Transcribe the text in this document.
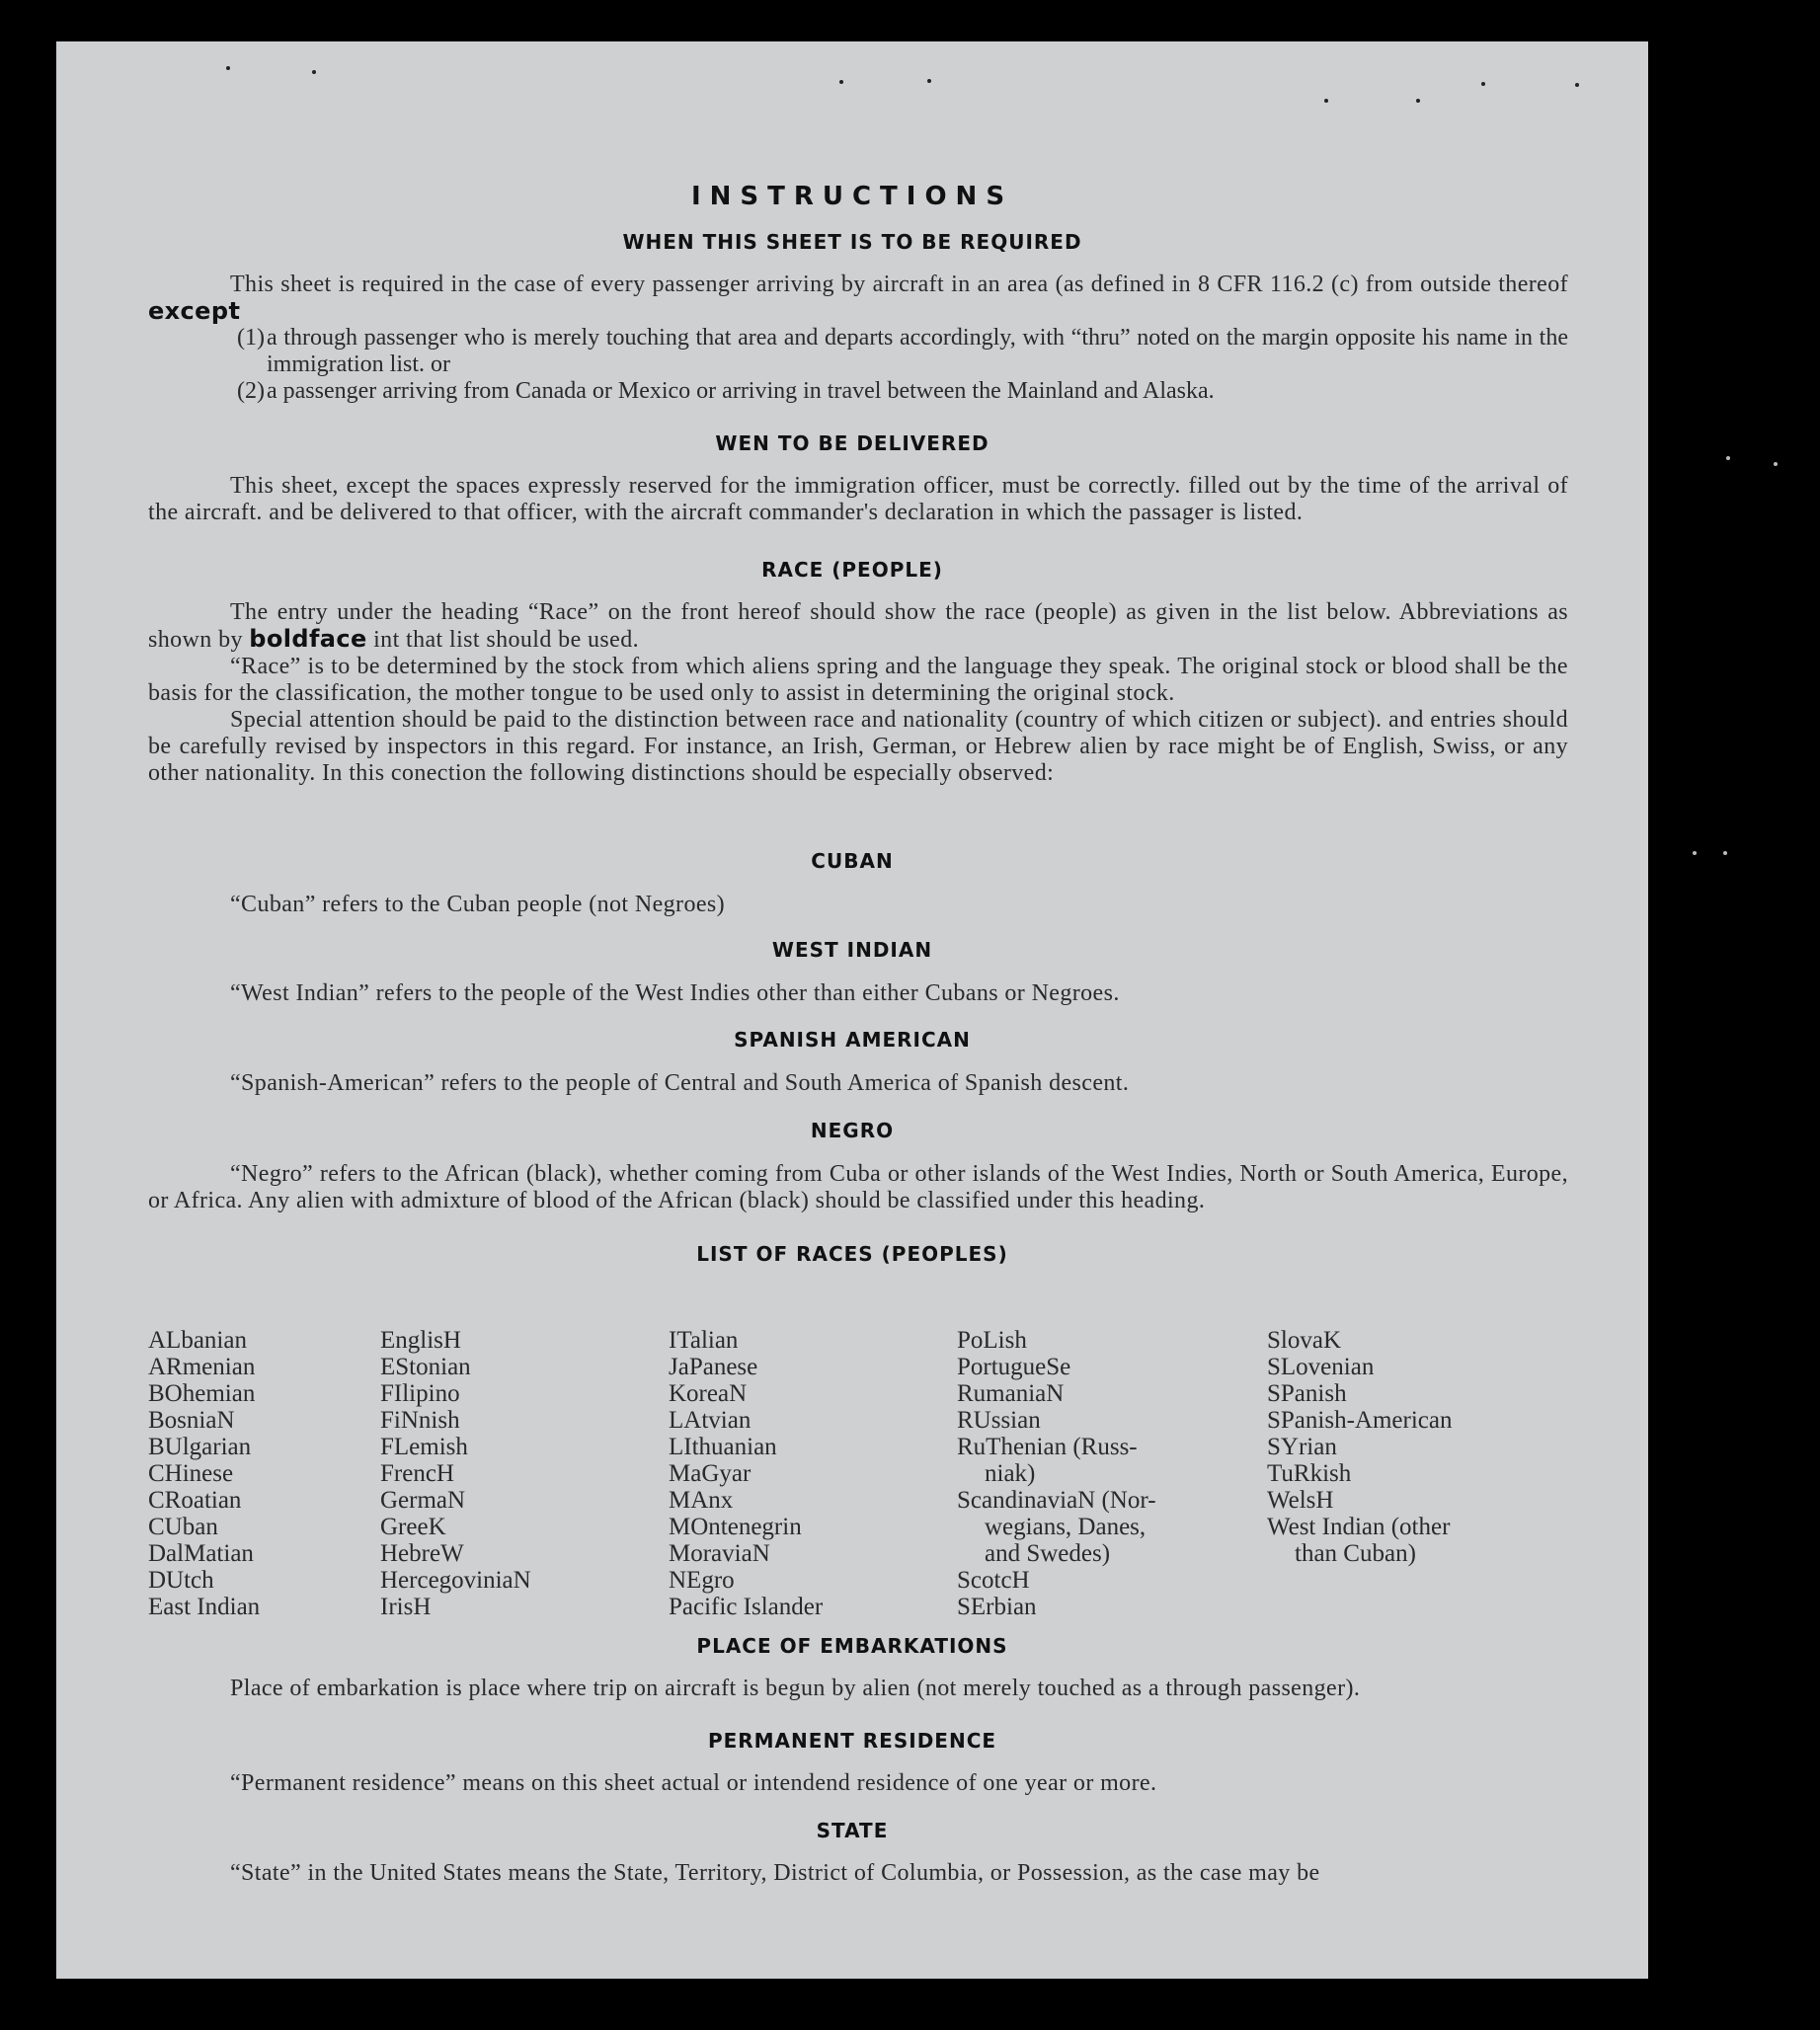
INSTRUCTIONS
WHEN THIS SHEET IS TO BE REQUIRED

This sheet is required in the case of every passenger arriving by aircraft in an area (as defined in 8 CFR 116.2 (c) from outside thereof except

(1) a through passenger who is merely touching that area and departs accordingly, with “thru” noted on the margin opposite his name in the immigration list. or
(2) a passenger arriving from Canada or Mexico or arriving in travel between the Mainland and Alaska.
WEN TO BE DELIVERED

This sheet, except the spaces expressly reserved for the immigration officer, must be correctly. filled out by the time of the arrival of the aircraft. and be delivered to that officer, with the aircraft commander's declaration in which the passager is listed.

RACE (PEOPLE)

The entry under the heading “Race” on the front hereof should show the race (people) as given in the list below. Abbreviations as shown by boldface int that list should be used.

“Race” is to be determined by the stock from which aliens spring and the language they speak. The original stock or blood shall be the basis for the classification, the mother tongue to be used only to assist in determining the original stock.

Special attention should be paid to the distinction between race and nationality (country of which citizen or subject). and entries should be carefully revised by inspectors in this regard. For instance, an Irish, German, or Hebrew alien by race might be of English, Swiss, or any other nationality. In this conection the following distinctions should be especially observed:

CUBAN

“Cuban” refers to the Cuban people (not Negroes)

WEST INDIAN

“West Indian” refers to the people of the West Indies other than either Cubans or Negroes.

SPANISH AMERICAN

“Spanish-American” refers to the people of Central and South America of Spanish descent.

NEGRO

“Negro” refers to the African (black), whether coming from Cuba or other islands of the West Indies, North or South America, Europe, or Africa. Any alien with admixture of blood of the African (black) should be classified under this heading.

LIST OF RACES (PEOPLES)
ALbanian
ARmenian
BOhemian
BosniaN
BUlgarian
CHinese
CRoatian
CUban
DalMatian
DUtch
East Indian
EnglisH
EStonian
FIlipino
FiNnish
FLemish
FrencH
GermaN
GreeK
HebreW
HercegoviniaN
IrisH
ITalian
JaPanese
KoreaN
LAtvian
LIthuanian
MaGyar
MAnx
MOntenegrin
MoraviaN
NEgro
Pacific Islander
PoLish
PortugueSe
RumaniaN
RUssian
RuThenian (Russ-
niak)
ScandinaviaN (Nor-
wegians, Danes,
and Swedes)
ScotcH
SErbian
SlovaK
SLovenian
SPanish
SPanish-American
SYrian
TuRkish
WelsH
West Indian (other
than Cuban)
PLACE OF EMBARKATIONS

Place of embarkation is place where trip on aircraft is begun by alien (not merely touched as a through passenger).

PERMANENT RESIDENCE

“Permanent residence” means on this sheet actual or intendend residence of one year or more.

STATE

“State” in the United States means the State, Territory, District of Columbia, or Possession, as the case may be
